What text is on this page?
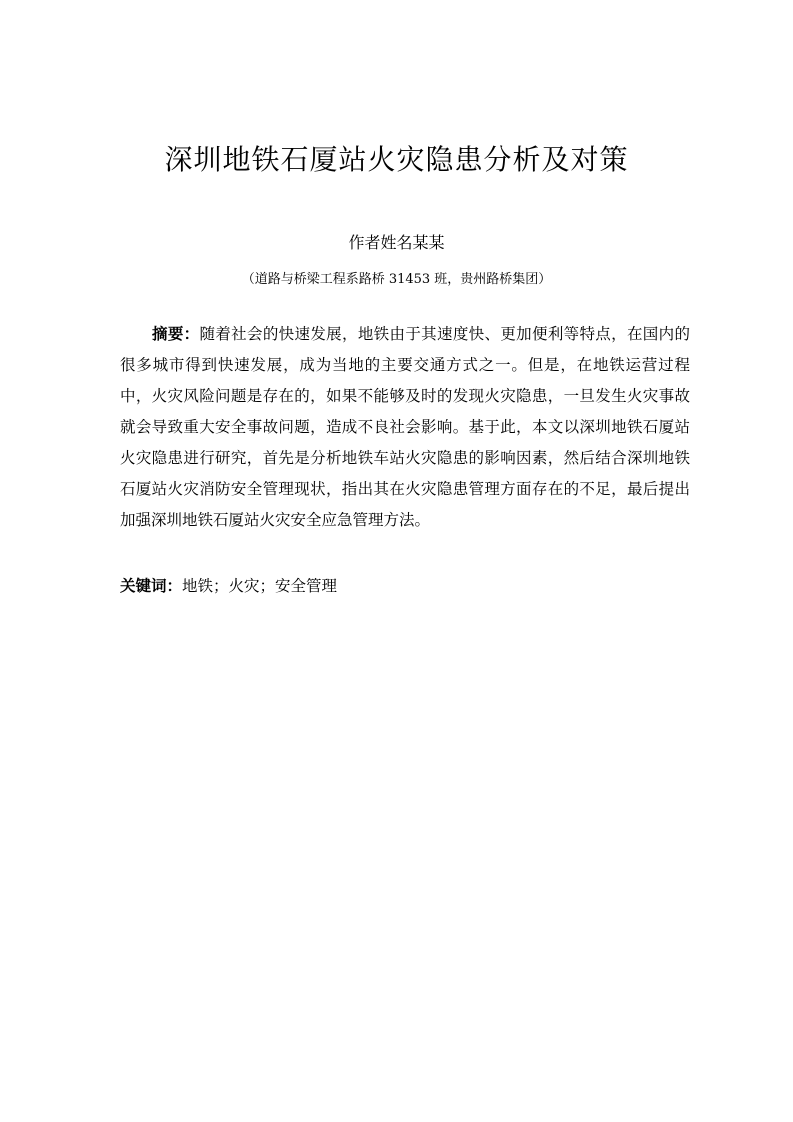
深圳地铁石厦站火灾隐患分析及对策
作者姓名某某
（道路与桥梁工程系路桥 31453 班，贵州路桥集团）

摘要：随着社会的快速发展，地铁由于其速度快、更加便利等特点，在国内的很多城市得到快速发展，成为当地的主要交通方式之一。但是，在地铁运营过程中，火灾风险问题是存在的，如果不能够及时的发现火灾隐患，一旦发生火灾事故就会导致重大安全事故问题，造成不良社会影响。基于此，本文以深圳地铁石厦站火灾隐患进行研究，首先是分析地铁车站火灾隐患的影响因素，然后结合深圳地铁石厦站火灾消防安全管理现状，指出其在火灾隐患管理方面存在的不足，最后提出加强深圳地铁石厦站火灾安全应急管理方法。

关键词：地铁；火灾；安全管理
